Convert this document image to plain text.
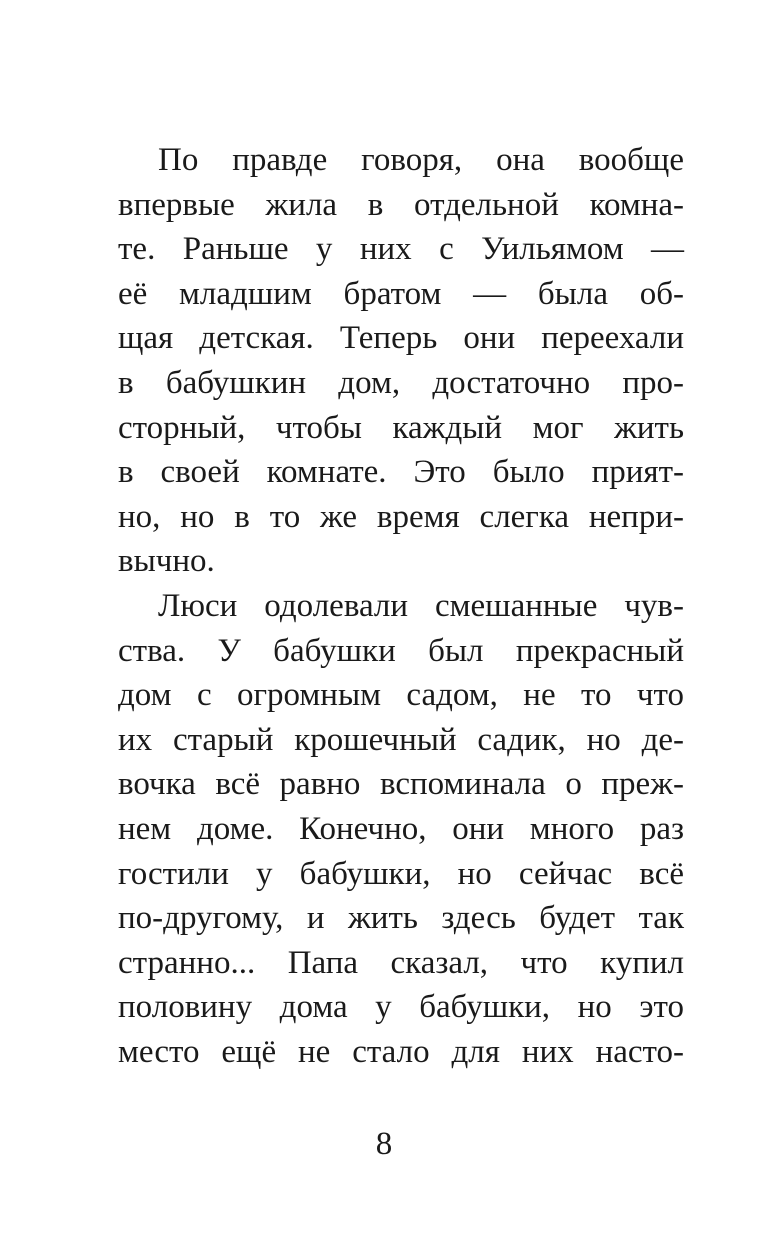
По правде говоря, она вообще
впервые жила в отдельной комна-
те. Раньше у них с Уильямом —
её младшим братом — была об-
щая детская. Теперь они переехали
в бабушкин дом, достаточно про-
сторный, чтобы каждый мог жить
в своей комнате. Это было прият-
но, но в то же время слегка непри-
вычно.
Люси одолевали смешанные чув-
ства. У бабушки был прекрасный
дом с огромным садом, не то что
их старый крошечный садик, но де-
вочка всё равно вспоминала о преж-
нем доме. Конечно, они много раз
гостили у бабушки, но сейчас всё
по-другому, и жить здесь будет так
странно... Папа сказал, что купил
половину дома у бабушки, но это
место ещё не стало для них насто-
8
